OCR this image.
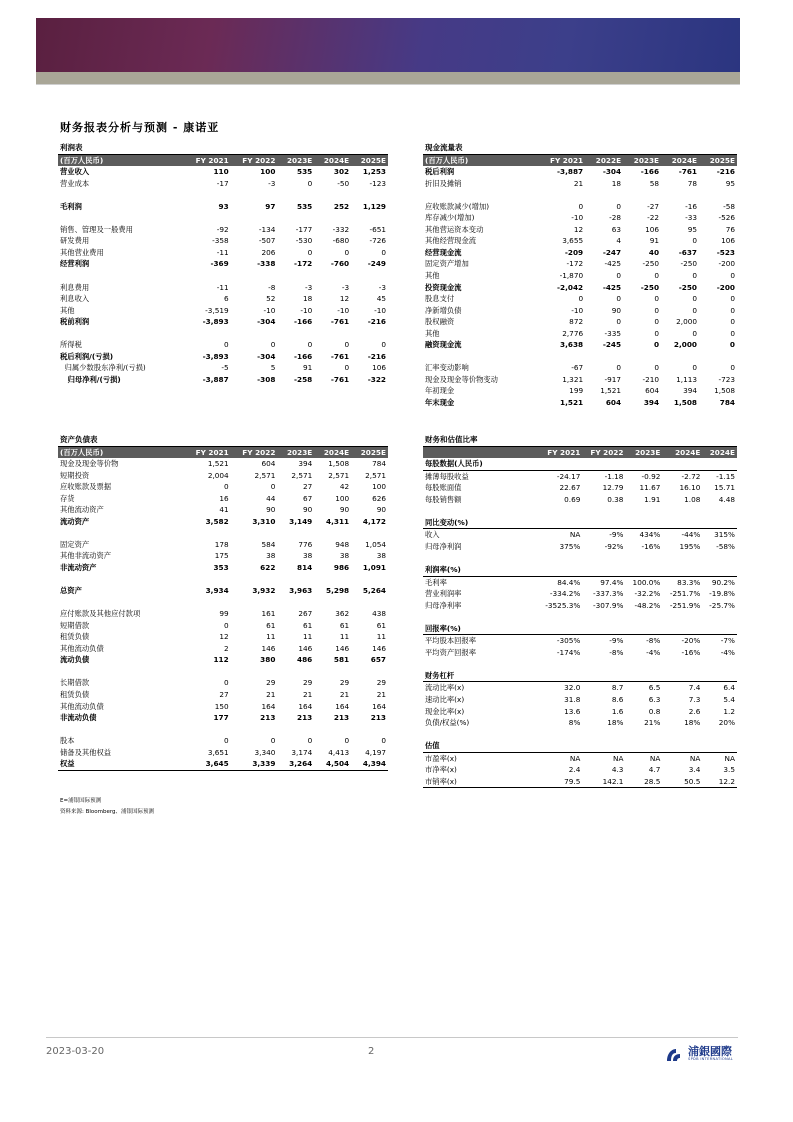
财务报表分析与预测 - 康诺亚
利润表					
(百万人民币)	FY 2021	FY 2022	2023E	2024E	2025E
营业收入	110	100	535	302	1,253
营业成本	-17	-3	0	-50	-123

毛利润	93	97	535	252	1,129

销售、管理及一般费用	-92	-134	-177	-332	-651
研发费用	-358	-507	-530	-680	-726
其他营业费用	-11	206	0	0	0
经营利润	-369	-338	-172	-760	-249

利息费用	-11	-8	-3	-3	-3
利息收入	6	52	18	12	45
其他	-3,519	-10	-10	-10	-10
税前利润	-3,893	-304	-166	-761	-216

所得税	0	0	0	0	0
税后利润/(亏损)	-3,893	-304	-166	-761	-216
归属少数股东净利/(亏损)	-5	5	91	0	106
归母净利/(亏损)	-3,887	-308	-258	-761	-322
现金流量表					
(百万人民币)	FY 2021	2022E	2023E	2024E	2025E
税后利润	-3,887	-304	-166	-761	-216
折旧及摊销	21	18	58	78	95

应收账款减少(增加)	0	0	-27	-16	-58
库存减少(增加)	-10	-28	-22	-33	-526
其他营运资本变动	12	63	106	95	76
其他经营现金流	3,655	4	91	0	106
经营现金流	-209	-247	40	-637	-523
固定资产增加	-172	-425	-250	-250	-200
其他	-1,870	0	0	0	0
投资现金流	-2,042	-425	-250	-250	-200
股息支付	0	0	0	0	0
净新增负债	-10	90	0	0	0
股权融资	872	0	0	2,000	0
其他	2,776	-335	0	0	0
融资现金流	3,638	-245	0	2,000	0

汇率变动影响	-67	0	0	0	0
现金及现金等价物变动	1,321	-917	-210	1,113	-723
年初现金	199	1,521	604	394	1,508
年末现金	1,521	604	394	1,508	784
资产负债表					
(百万人民币)	FY 2021	FY 2022	2023E	2024E	2025E
现金及现金等价物	1,521	604	394	1,508	784
短期投资	2,004	2,571	2,571	2,571	2,571
应收账款及票据	0	0	27	42	100
存货	16	44	67	100	626
其他流动资产	41	90	90	90	90
流动资产	3,582	3,310	3,149	4,311	4,172

固定资产	178	584	776	948	1,054
其他非流动资产	175	38	38	38	38
非流动资产	353	622	814	986	1,091

总资产	3,934	3,932	3,963	5,298	5,264

应付账款及其他应付款项	99	161	267	362	438
短期借款	0	61	61	61	61
租赁负债	12	11	11	11	11
其他流动负债	2	146	146	146	146
流动负债	112	380	486	581	657

长期借款	0	29	29	29	29
租赁负债	27	21	21	21	21
其他流动负债	150	164	164	164	164
非流动负债	177	213	213	213	213

股本	0	0	0	0	0
储备及其他权益	3,651	3,340	3,174	4,413	4,197
权益	3,645	3,339	3,264	4,504	4,394
财务和估值比率					
	FY 2021	FY 2022	2023E	2024E	2024E
每股数据(人民币)					
摊薄每股收益	-24.17	-1.18	-0.92	-2.72	-1.15
每股账面值	22.67	12.79	11.67	16.10	15.71
每股销售额	0.69	0.38	1.91	1.08	4.48

同比变动(%)					
收入	NA	-9%	434%	-44%	315%
归母净利润	375%	-92%	-16%	195%	-58%

利润率(%)					
毛利率	84.4%	97.4%	100.0%	83.3%	90.2%
营业利润率	-334.2%	-337.3%	-32.2%	-251.7%	-19.8%
归母净利率	-3525.3%	-307.9%	-48.2%	-251.9%	-25.7%

回报率(%)					
平均股本回报率	-305%	-9%	-8%	-20%	-7%
平均资产回报率	-174%	-8%	-4%	-16%	-4%

财务杠杆					
流动比率(x)	32.0	8.7	6.5	7.4	6.4
速动比率(x)	31.8	8.6	6.3	7.3	5.4
现金比率(x)	13.6	1.6	0.8	2.6	1.2
负债/权益(%)	8%	18%	21%	18%	20%

估值					
市盈率(x)	NA	NA	NA	NA	NA
市净率(x)	2.4	4.3	4.7	3.4	3.5
市销率(x)	79.5	142.1	28.5	50.5	12.2
E=浦银国际预测
资料来源: Bloomberg、浦银国际预测
2023-03-20	2	浦銀國際
SPDB INTERNATIONAL
